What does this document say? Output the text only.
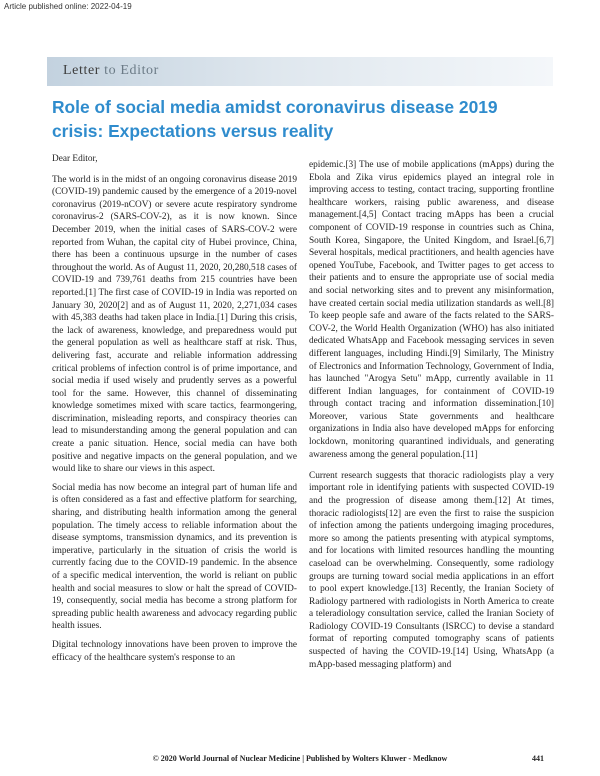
Article published online: 2022-04-19
Letter to Editor
Role of social media amidst coronavirus disease 2019 crisis: Expectations versus reality

Dear Editor,

The world is in the midst of an ongoing coronavirus disease 2019 (COVID-19) pandemic caused by the emergence of a 2019-novel coronavirus (2019-nCOV) or severe acute respiratory syndrome coronavirus-2 (SARS-COV-2), as it is now known. Since December 2019, when the initial cases of SARS-COV-2 were reported from Wuhan, the capital city of Hubei province, China, there has been a continuous upsurge in the number of cases throughout the world. As of August 11, 2020, 20,280,518 cases of COVID-19 and 739,761 deaths from 215 countries have been reported.[1] The first case of COVID-19 in India was reported on January 30, 2020[2] and as of August 11, 2020, 2,271,034 cases with 45,383 deaths had taken place in India.[1] During this crisis, the lack of awareness, knowledge, and preparedness would put the general population as well as healthcare staff at risk. Thus, delivering fast, accurate and reliable information addressing critical problems of infection control is of prime importance, and social media if used wisely and prudently serves as a powerful tool for the same. However, this channel of disseminating knowledge sometimes mixed with scare tactics, fearmongering, discrimination, misleading reports, and conspiracy theories can lead to misunderstanding among the general population and can create a panic situation. Hence, social media can have both positive and negative impacts on the general population, and we would like to share our views in this aspect.

Social media has now become an integral part of human life and is often considered as a fast and effective platform for searching, sharing, and distributing health information among the general population. The timely access to reliable information about the disease symptoms, transmission dynamics, and its prevention is imperative, particularly in the situation of crisis the world is currently facing due to the COVID-19 pandemic. In the absence of a specific medical intervention, the world is reliant on public health and social measures to slow or halt the spread of COVID-19, consequently, social media has become a strong platform for spreading public health awareness and advocacy regarding public health issues.

Digital technology innovations have been proven to improve the efficacy of the healthcare system's response to an

epidemic.[3] The use of mobile applications (mApps) during the Ebola and Zika virus epidemics played an integral role in improving access to testing, contact tracing, supporting frontline healthcare workers, raising public awareness, and disease management.[4,5] Contact tracing mApps has been a crucial component of COVID-19 response in countries such as China, South Korea, Singapore, the United Kingdom, and Israel.[6,7] Several hospitals, medical practitioners, and health agencies have opened YouTube, Facebook, and Twitter pages to get access to their patients and to ensure the appropriate use of social media and social networking sites and to prevent any misinformation, have created certain social media utilization standards as well.[8] To keep people safe and aware of the facts related to the SARS-COV-2, the World Health Organization (WHO) has also initiated dedicated WhatsApp and Facebook messaging services in seven different languages, including Hindi.[9] Similarly, The Ministry of Electronics and Information Technology, Government of India, has launched "Arogya Setu" mApp, currently available in 11 different Indian languages, for containment of COVID-19 through contact tracing and information dissemination.[10] Moreover, various State governments and healthcare organizations in India also have developed mApps for enforcing lockdown, monitoring quarantined individuals, and generating awareness among the general population.[11]

Current research suggests that thoracic radiologists play a very important role in identifying patients with suspected COVID-19 and the progression of disease among them.[12] At times, thoracic radiologists[12] are even the first to raise the suspicion of infection among the patients undergoing imaging procedures, more so among the patients presenting with atypical symptoms, and for locations with limited resources handling the mounting caseload can be overwhelming. Consequently, some radiology groups are turning toward social media applications in an effort to pool expert knowledge.[13] Recently, the Iranian Society of Radiology partnered with radiologists in North America to create a teleradiology consultation service, called the Iranian Society of Radiology COVID-19 Consultants (ISRCC) to devise a standard format of reporting computed tomography scans of patients suspected of having the COVID-19.[14] Using, WhatsApp (a mApp-based messaging platform) and

© 2020 World Journal of Nuclear Medicine | Published by Wolters Kluwer - Medknow	441
